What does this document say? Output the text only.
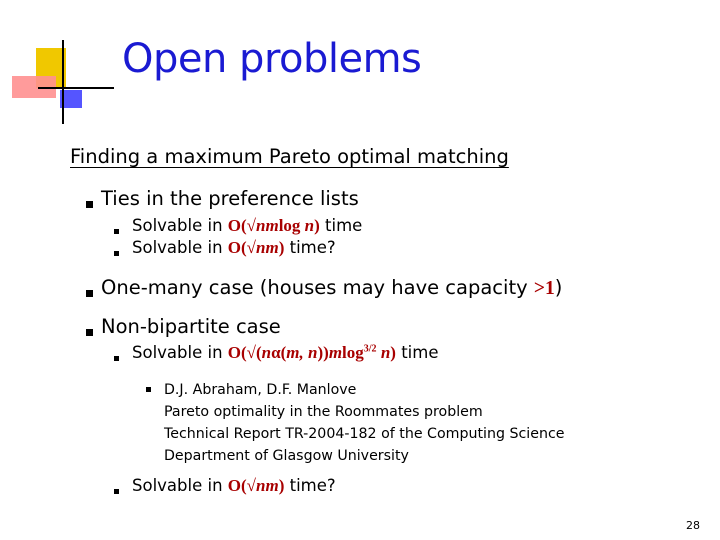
Open problems
Finding a maximum Pareto optimal matching
Ties in the preference lists
Solvable in O(√nmlog n) time
Solvable in O(√nm) time?
One-many case (houses may have capacity >1)
Non-bipartite case
Solvable in O(√(nα(m, n))mlog$^{3/2}$ n) time
D.J. Abraham, D.F. Manlove
Pareto optimality in the Roommates problem
Technical Report TR-2004-182 of the Computing Science
Department of Glasgow University
Solvable in O(√nm) time?
28
